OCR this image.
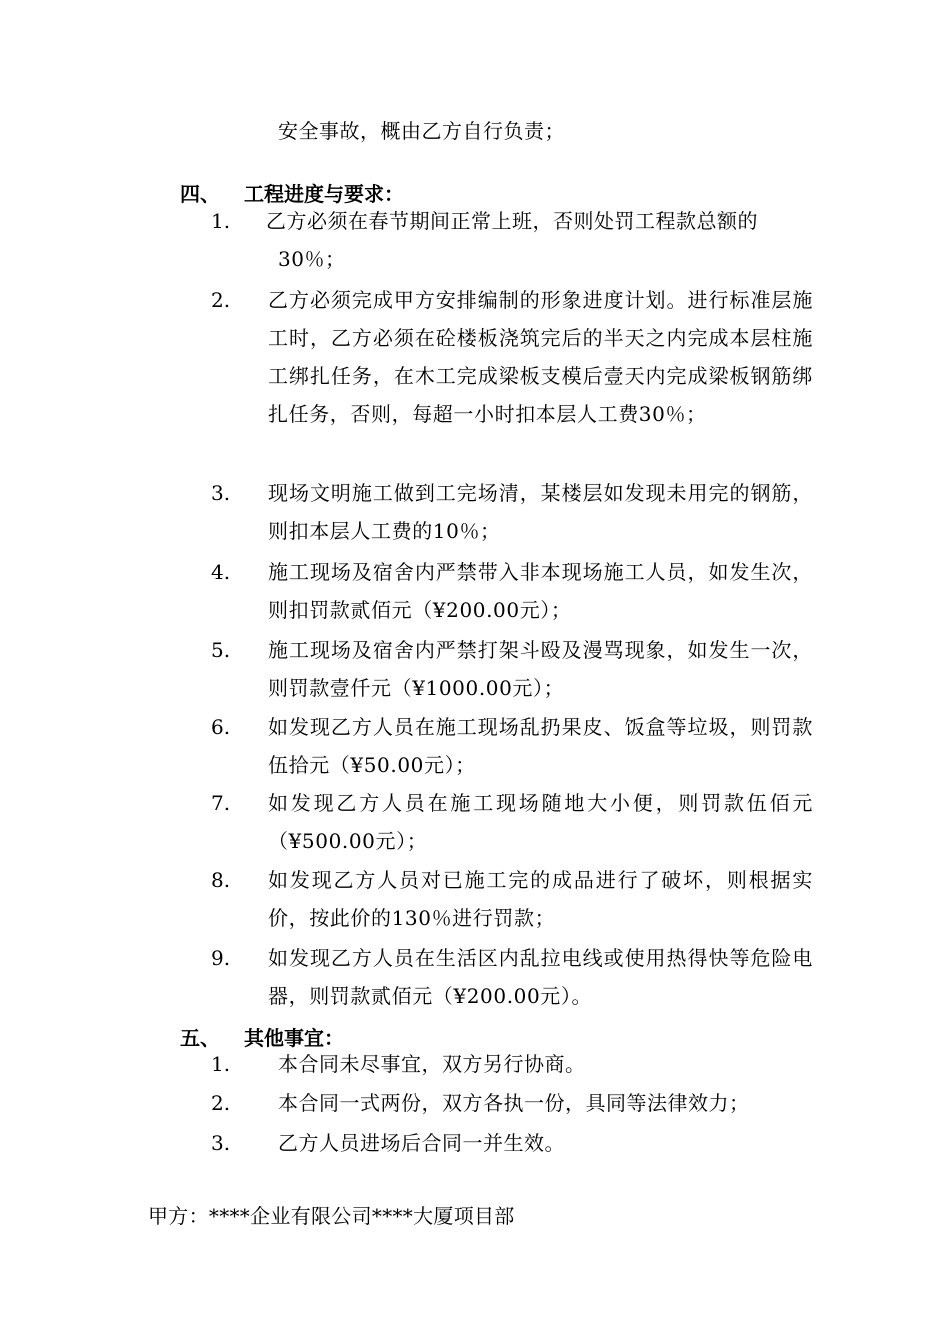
安全事故，概由乙方自行负责；
四、 工程进度与要求：
1. 乙方必须在春节期间正常上班，否则处罚工程款总额的
30％；
2. 乙方必须完成甲方安排编制的形象进度计划。进行标准层施工时，乙方必须在砼楼板浇筑完后的半天之内完成本层柱施工绑扎任务，在木工完成梁板支模后壹天内完成梁板钢筋绑扎任务，否则，每超一小时扣本层人工费30％；
3. 现场文明施工做到工完场清，某楼层如发现未用完的钢筋，则扣本层人工费的10％；
4. 施工现场及宿舍内严禁带入非本现场施工人员，如发生次，则扣罚款贰佰元（¥200.00元）；
5. 施工现场及宿舍内严禁打架斗殴及漫骂现象，如发生一次，则罚款壹仟元（¥1000.00元）；
6. 如发现乙方人员在施工现场乱扔果皮、饭盒等垃圾，则罚款伍拾元（¥50.00元）；
7. 如发现乙方人员在施工现场随地大小便，则罚款伍佰元（¥500.00元）；
8. 如发现乙方人员对已施工完的成品进行了破坏，则根据实价，按此价的130％进行罚款；
9. 如发现乙方人员在生活区内乱拉电线或使用热得快等危险电器，则罚款贰佰元（¥200.00元）。
五、 其他事宜：
1. 本合同未尽事宜，双方另行协商。
2. 本合同一式两份，双方各执一份，具同等法律效力；
3. 乙方人员进场后合同一并生效。
甲方：****企业有限公司****大厦项目部
